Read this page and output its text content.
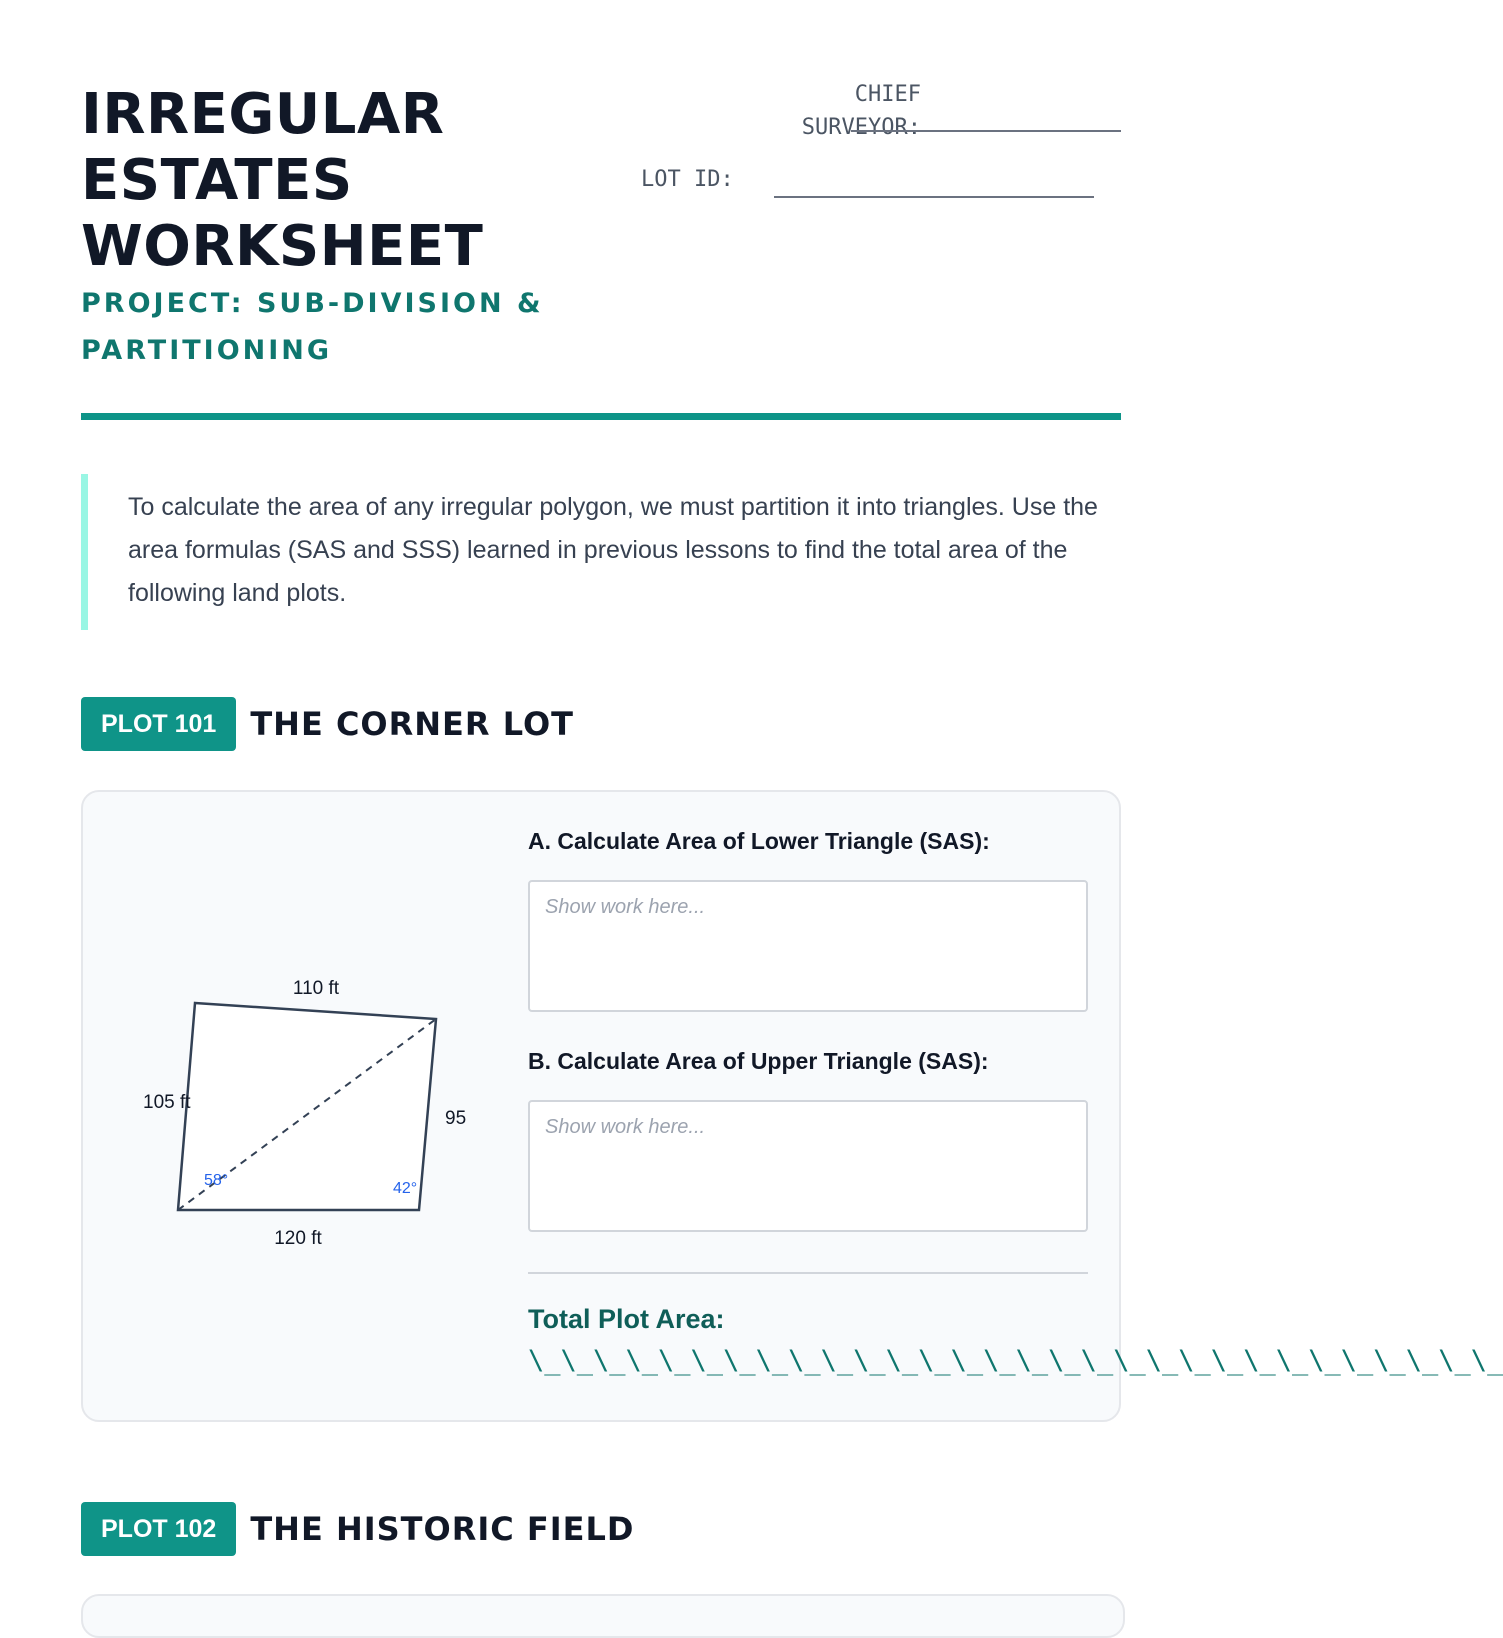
IRREGULAR
ESTATES
WORKSHEET
PROJECT: SUB-DIVISION & PARTITIONING
CHIEF
SURVEYOR:
LOT ID:
To calculate the area of any irregular polygon, we must partition it into triangles. Use the area formulas (SAS and SSS) learned in previous lessons to find the total area of the following land plots.
PLOT 101	THE CORNER LOT
110 ft
105 ft
95
120 ft
58°	42°
A. Calculate Area of Lower Triangle (SAS):
Show work here...
B. Calculate Area of Upper Triangle (SAS):
Show work here...
Total Plot Area:
\_\_\_\_\_\_\_\_\_\_\_\_\_\_\_\_\_\_\_\_\_\_\_\_\_\_\_\_\_\_
PLOT 102	THE HISTORIC FIELD
